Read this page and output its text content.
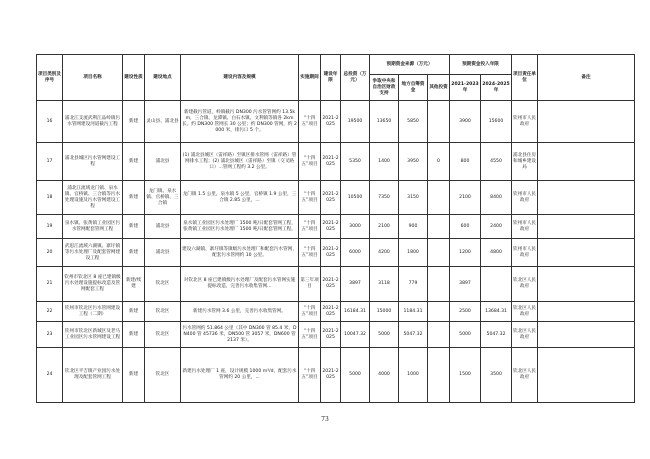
项目类别及序号	项目名称	建设性质	建设地点	建设内容及规模	实施期间	建设年限	总投资（万元）	预期资金来源（万元）			预期资金投入年限		项目责任单位	备注
								争取中央和自治区财政支持	地方自筹资金	其他投资	2021-2023年	2024-2025年		
16	浦北江支流武利江品岭镇污水管网建设河道截污工程	新建	灵山县、浦北县	新建截污管道，岭镇截污 DN300 污水管管网约 13.5km，三合镇、龙潭镇、白石水镇、文利镇等镇各 2km 长。约 DN300 管网长 30 公里；约 DN300 管网，约 2000 米，排污口 5 个。	“十四五”项目	2021-2025	19500	13650	5850		3900	15600	钦州市人民政府	
17	浦北县城区污水管网建设工程	新建	浦北县	(1) 浦北县城区（雷祥路）至镇区排水管网（雷祥路）管网排水工程；(2) 浦北县城区（雷祥路）至镇（交叉路口）...管网工程约 3.2 公里。	“十四五”项目	2021-2025	5350	1400	3950	0	800	4550	浦北县住房和城乡建设局	
18	浦北江流域龙门镇、泉水镇、官桥镇、三合镇等污水处理设施及污水管网建设工程	新建	龙门镇、泉水镇、官桥镇、三合镇	龙门镇 1.5 公里，泉水镇 5 公里，官桥镇 1.9 公里，三合镇 2.85 公里，...	“十四五”项目	2021-2025	10500	7350	3150		2100	8400	钦州市人民政府	
19	泉水镇、张黄镇工业园区污水管网配套管网工程	新建	浦北县	泉水镇工业园区污水处理厂 1500 吨/日配套管网工程，张黄镇工业园区污水处理厂 1500 吨/日配套管网工程。	“十四五”项目	2021-2025	3000	2100	900		600	2400	钦州市人民政府	
20	武思江流域六湖镇、寨圩镇等污水处理厂及配套管网建设工程	新建	浦北县	建设六湖镇、寨圩镇等镇级污水处理厂和配套污水管网，配套污水管网约 10 公里。	“十四五”项目	2021-2025	6000	4200	1800		1200	4800	钦州市人民政府	
21	钦州市钦北区 8 座已建镇级污水处理设施提标改造及管网配套工程	新建/续建	钦北区	对钦北区 8 座已建镇级污水处理厂及配套污水管网实施提标改造，完善污水收集管网...	第三年项目	2021-2025	3897	3118	779		3897		钦北区人民政府	
22	钦州市钦北区污水管网建设工程（二期）	新建	钦北区	新建污水管网 3.6 公里，完善污水收集管网。	“十四五”项目	2021-2025	16184.31	15000	1184.31		2500	13684.31	钦北区人民政府	
23	钦州市钦北区新城区及老马工业园区污水管网建设工程	新建	钦北区	污水管网约 51.864 公里（其中 DN300 管 85.4 米，DN400 管 45736 米，DN500 管 3057 米，DN600 管 2137 米）。	“十四五”项目	2021-2025	10047.32	5000	5047.32		5000	5047.32	钦北区人民政府	
24	钦北区平吉镇产业园污水处理及配套管网工程	新建	钦北区	新建污水处理厂 1 座，设计规模 1000 m³/d，配套污水管网约 20 公里，...	“十四五”项目	2021-2025	5000	4000	1000		1500	3500	钦北区人民政府	
73
